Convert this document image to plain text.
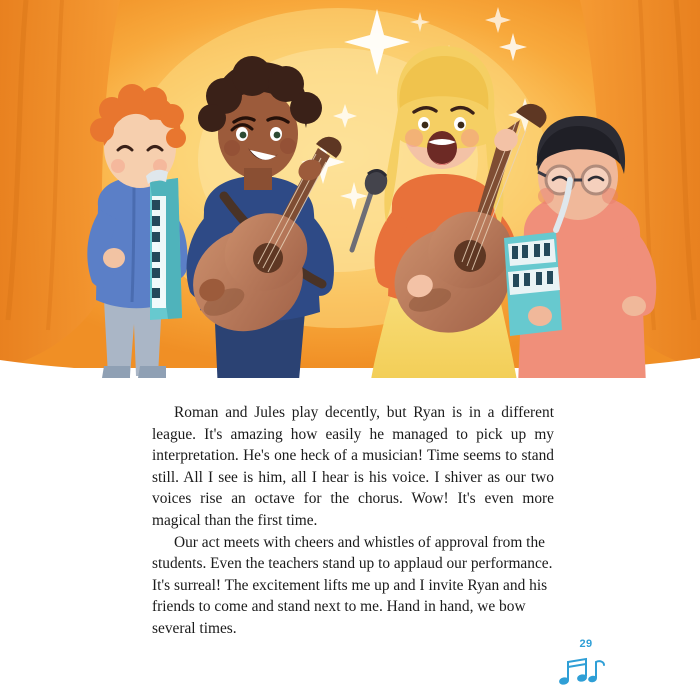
Roman and Jules play decently, but Ryan is in a different league. It's amazing how easily he managed to pick up my interpretation. He's one heck of a musician! Time seems to stand still. All I see is him, all I hear is his voice. I shiver as our two voices rise an octave for the chorus. Wow! It's even more magical than the first time.

Our act meets with cheers and whistles of approval from the students. Even the teachers stand up to applaud our performance. It's surreal! The excitement lifts me up and I invite Ryan and his friends to come and stand next to me. Hand in hand, we bow several times.

29
